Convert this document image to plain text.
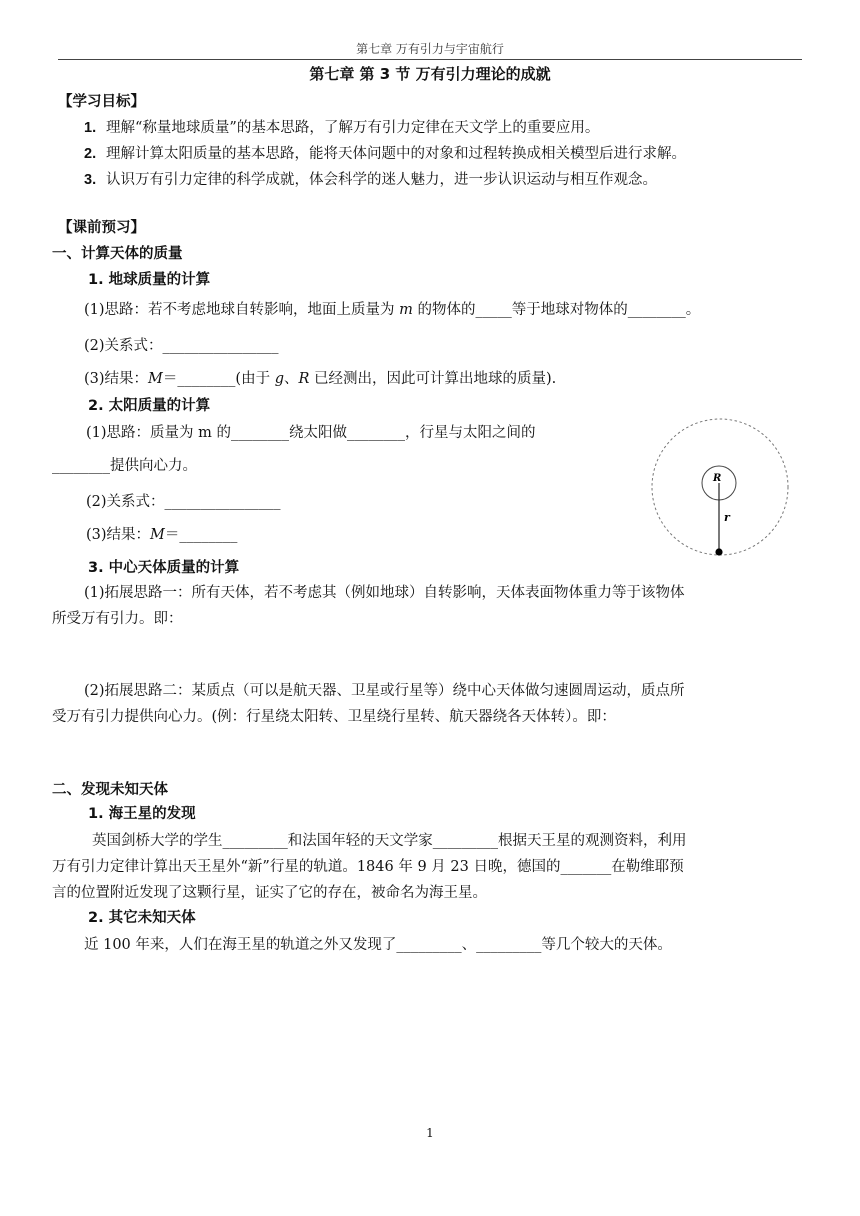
第七章 万有引力与宇宙航行
第七章 第 3 节 万有引力理论的成就
【学习目标】
1. 理解“称量地球质量”的基本思路，了解万有引力定律在天文学上的重要应用。
2. 理解计算太阳质量的基本思路，能将天体问题中的对象和过程转换成相关模型后进行求解。
3. 认识万有引力定律的科学成就，体会科学的迷人魅力，进一步认识运动与相互作观念。
【课前预习】
一、计算天体的质量
1. 地球质量的计算
(1)思路：若不考虑地球自转影响，地面上质量为 m 的物体的_____等于地球对物体的________。
(2)关系式：________________
(3)结果：M＝________(由于 g、R 已经测出，因此可计算出地球的质量).
2. 太阳质量的计算
(1)思路：质量为 m 的________绕太阳做________，行星与太阳之间的
________提供向心力。
(2)关系式：________________
(3)结果：M＝________
R
r
3. 中心天体质量的计算
(1)拓展思路一：所有天体，若不考虑其（例如地球）自转影响，天体表面物体重力等于该物体
所受万有引力。即：
(2)拓展思路二：某质点（可以是航天器、卫星或行星等）绕中心天体做匀速圆周运动，质点所
受万有引力提供向心力。(例：行星绕太阳转、卫星绕行星转、航天器绕各天体转）。即：
二、发现未知天体
1. 海王星的发现
英国剑桥大学的学生_________和法国年轻的天文学家_________根据天王星的观测资料，利用
万有引力定律计算出天王星外“新”行星的轨道。1846 年 9 月 23 日晚，德国的_______在勒维耶预
言的位置附近发现了这颗行星，证实了它的存在，被命名为海王星。
2. 其它未知天体
近 100 年来，人们在海王星的轨道之外又发现了_________、_________等几个较大的天体。
1
